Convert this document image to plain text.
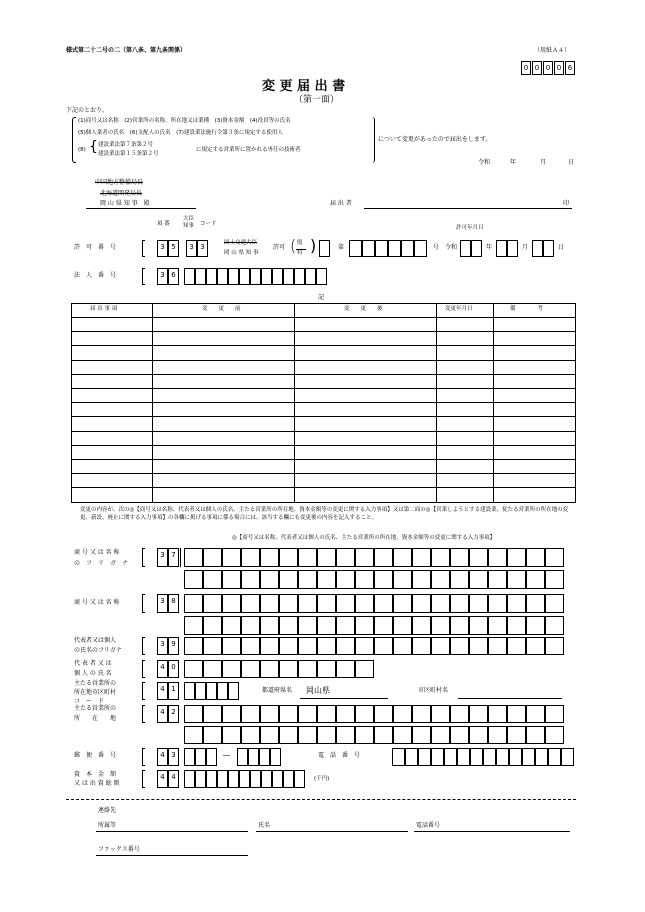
様式第二十二号の二（第八条、第九条関係）	（用紙Ａ４）
0 0 0 0 6
変 更 届 出 書
（第一面）
下記のとおり、
(1)商号又は名称　(2)営業所の名称、所在地又は業種　(3)資本金額　(4)役員等の氏名
(5)個人業者の氏名　(6)支配人の氏名　(7)建設業法施行令第３条に規定する使用人
(8) { 建設業法第７条第２号
建設業法第１５条第２号
に規定する営業所に置かれる専任の技術者
について変更があったので届出をします。
令和	年	月	日
中国地方整備局長
北海道開発局長
岡 山 県 知 事　殿	届 出 者	印
項 番
大臣
知事 コード
許可年月日
許　可　番　号	3 5	3 3	国土交通大臣
岡 山 県 知 事
許可 ( 般
特 )	第	号 令和	年	月	日
法　人　番　号	3 6
記
届 出 事 項	変　　更　　前	変　　更　　後	変更年月日	備　　　　考
変更の内容が、次の◎【商号又は名称、代表者又は個人の氏名、主たる営業所の所在地、資本金額等の変更に関する入力事項】又は第二面の◎【営業しようとする建設業、従たる営業所の所在地の変更、新設、廃止に関する入力事項】の各欄に掲げる事項に係る場合には、該当する欄にも変更後の内容を記入すること。
◎【商号又は名称、代表者又は個人の氏名、主たる営業所の所在地、資本金額等の変更に関する入力事項】
商 号 又 は 名 称
の　フ　リ　ガ　ナ
3 7
商 号 又 は 名 称	3 8
代表者又は個人
の氏名のフリガナ
3 9
代 表 者 又 は
個 人 の 氏 名
4 0
主たる営業所の
所在地市区町村
コ　ー　ド
4 1	都道府県名 岡山県	市区町村名
主たる営業所の
所　　在　　地
4 2
郵　便　番　号	4 3	―	電　話　番　号
資　本　金　額
又 は 出 資 総 額
4 4	(千円)
連絡先
所属等	氏名	電話番号
ファックス番号
